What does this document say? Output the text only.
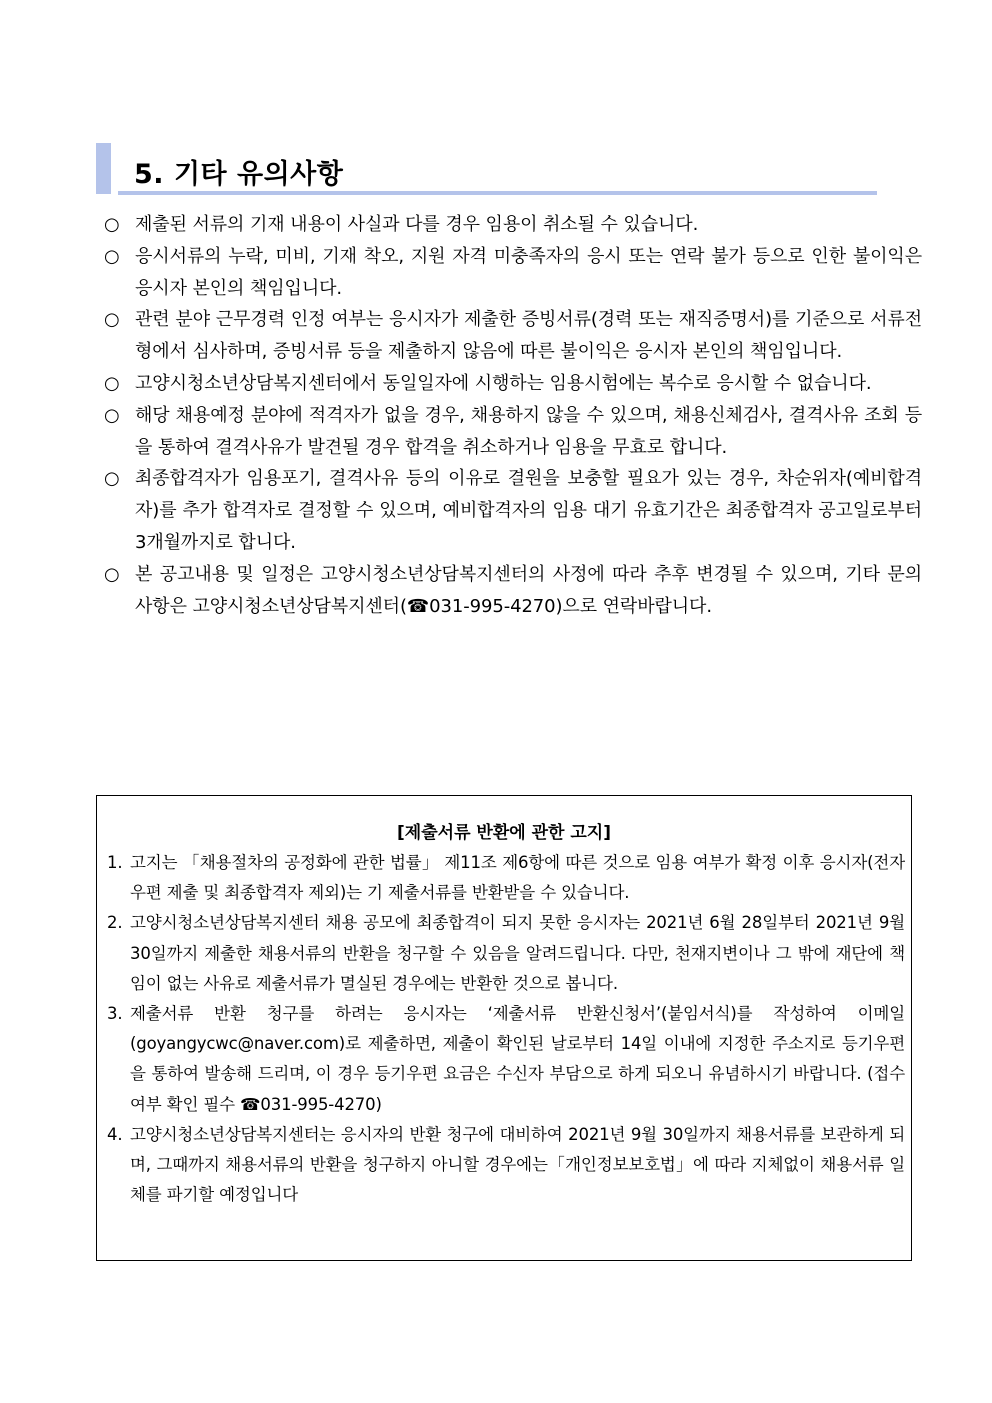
5. 기타 유의사항
○ 제출된 서류의 기재 내용이 사실과 다를 경우 임용이 취소될 수 있습니다.
○ 응시서류의 누락, 미비, 기재 착오, 지원 자격 미충족자의 응시 또는 연락 불가 등으로 인한 불이익은 응시자 본인의 책임입니다.
○ 관련 분야 근무경력 인정 여부는 응시자가 제출한 증빙서류(경력 또는 재직증명서)를 기준으로 서류전형에서 심사하며, 증빙서류 등을 제출하지 않음에 따른 불이익은 응시자 본인의 책임입니다.
○ 고양시청소년상담복지센터에서 동일일자에 시행하는 임용시험에는 복수로 응시할 수 없습니다.
○ 해당 채용예정 분야에 적격자가 없을 경우, 채용하지 않을 수 있으며, 채용신체검사, 결격사유 조회 등을 통하여 결격사유가 발견될 경우 합격을 취소하거나 임용을 무효로 합니다.
○ 최종합격자가 임용포기, 결격사유 등의 이유로 결원을 보충할 필요가 있는 경우, 차순위자(예비합격자)를 추가 합격자로 결정할 수 있으며, 예비합격자의 임용 대기 유효기간은 최종합격자 공고일로부터 3개월까지로 합니다.
○ 본 공고내용 및 일정은 고양시청소년상담복지센터의 사정에 따라 추후 변경될 수 있으며, 기타 문의 사항은 고양시청소년상담복지센터(☎031-995-4270)으로 연락바랍니다.
[제출서류 반환에 관한 고지]
1. 고지는 「채용절차의 공정화에 관한 법률」 제11조 제6항에 따른 것으로 임용 여부가 확정 이후 응시자(전자우편 제출 및 최종합격자 제외)는 기 제출서류를 반환받을 수 있습니다.
2. 고양시청소년상담복지센터 채용 공모에 최종합격이 되지 못한 응시자는 2021년 6월 28일부터 2021년 9월 30일까지 제출한 채용서류의 반환을 청구할 수 있음을 알려드립니다. 다만, 천재지변이나 그 밖에 재단에 책임이 없는 사유로 제출서류가 멸실된 경우에는 반환한 것으로 봅니다.
3. 제출서류 반환 청구를 하려는 응시자는 ‘제출서류 반환신청서’(붙임서식)를 작성하여 이메일(goyangycwc@naver.com)로 제출하면, 제출이 확인된 날로부터 14일 이내에 지정한 주소지로 등기우편을 통하여 발송해 드리며, 이 경우 등기우편 요금은 수신자 부담으로 하게 되오니 유념하시기 바랍니다. (접수 여부 확인 필수 ☎031-995-4270)
4. 고양시청소년상담복지센터는 응시자의 반환 청구에 대비하여 2021년 9월 30일까지 채용서류를 보관하게 되며, 그때까지 채용서류의 반환을 청구하지 아니할 경우에는「개인정보보호법」에 따라 지체없이 채용서류 일체를 파기할 예정입니다
